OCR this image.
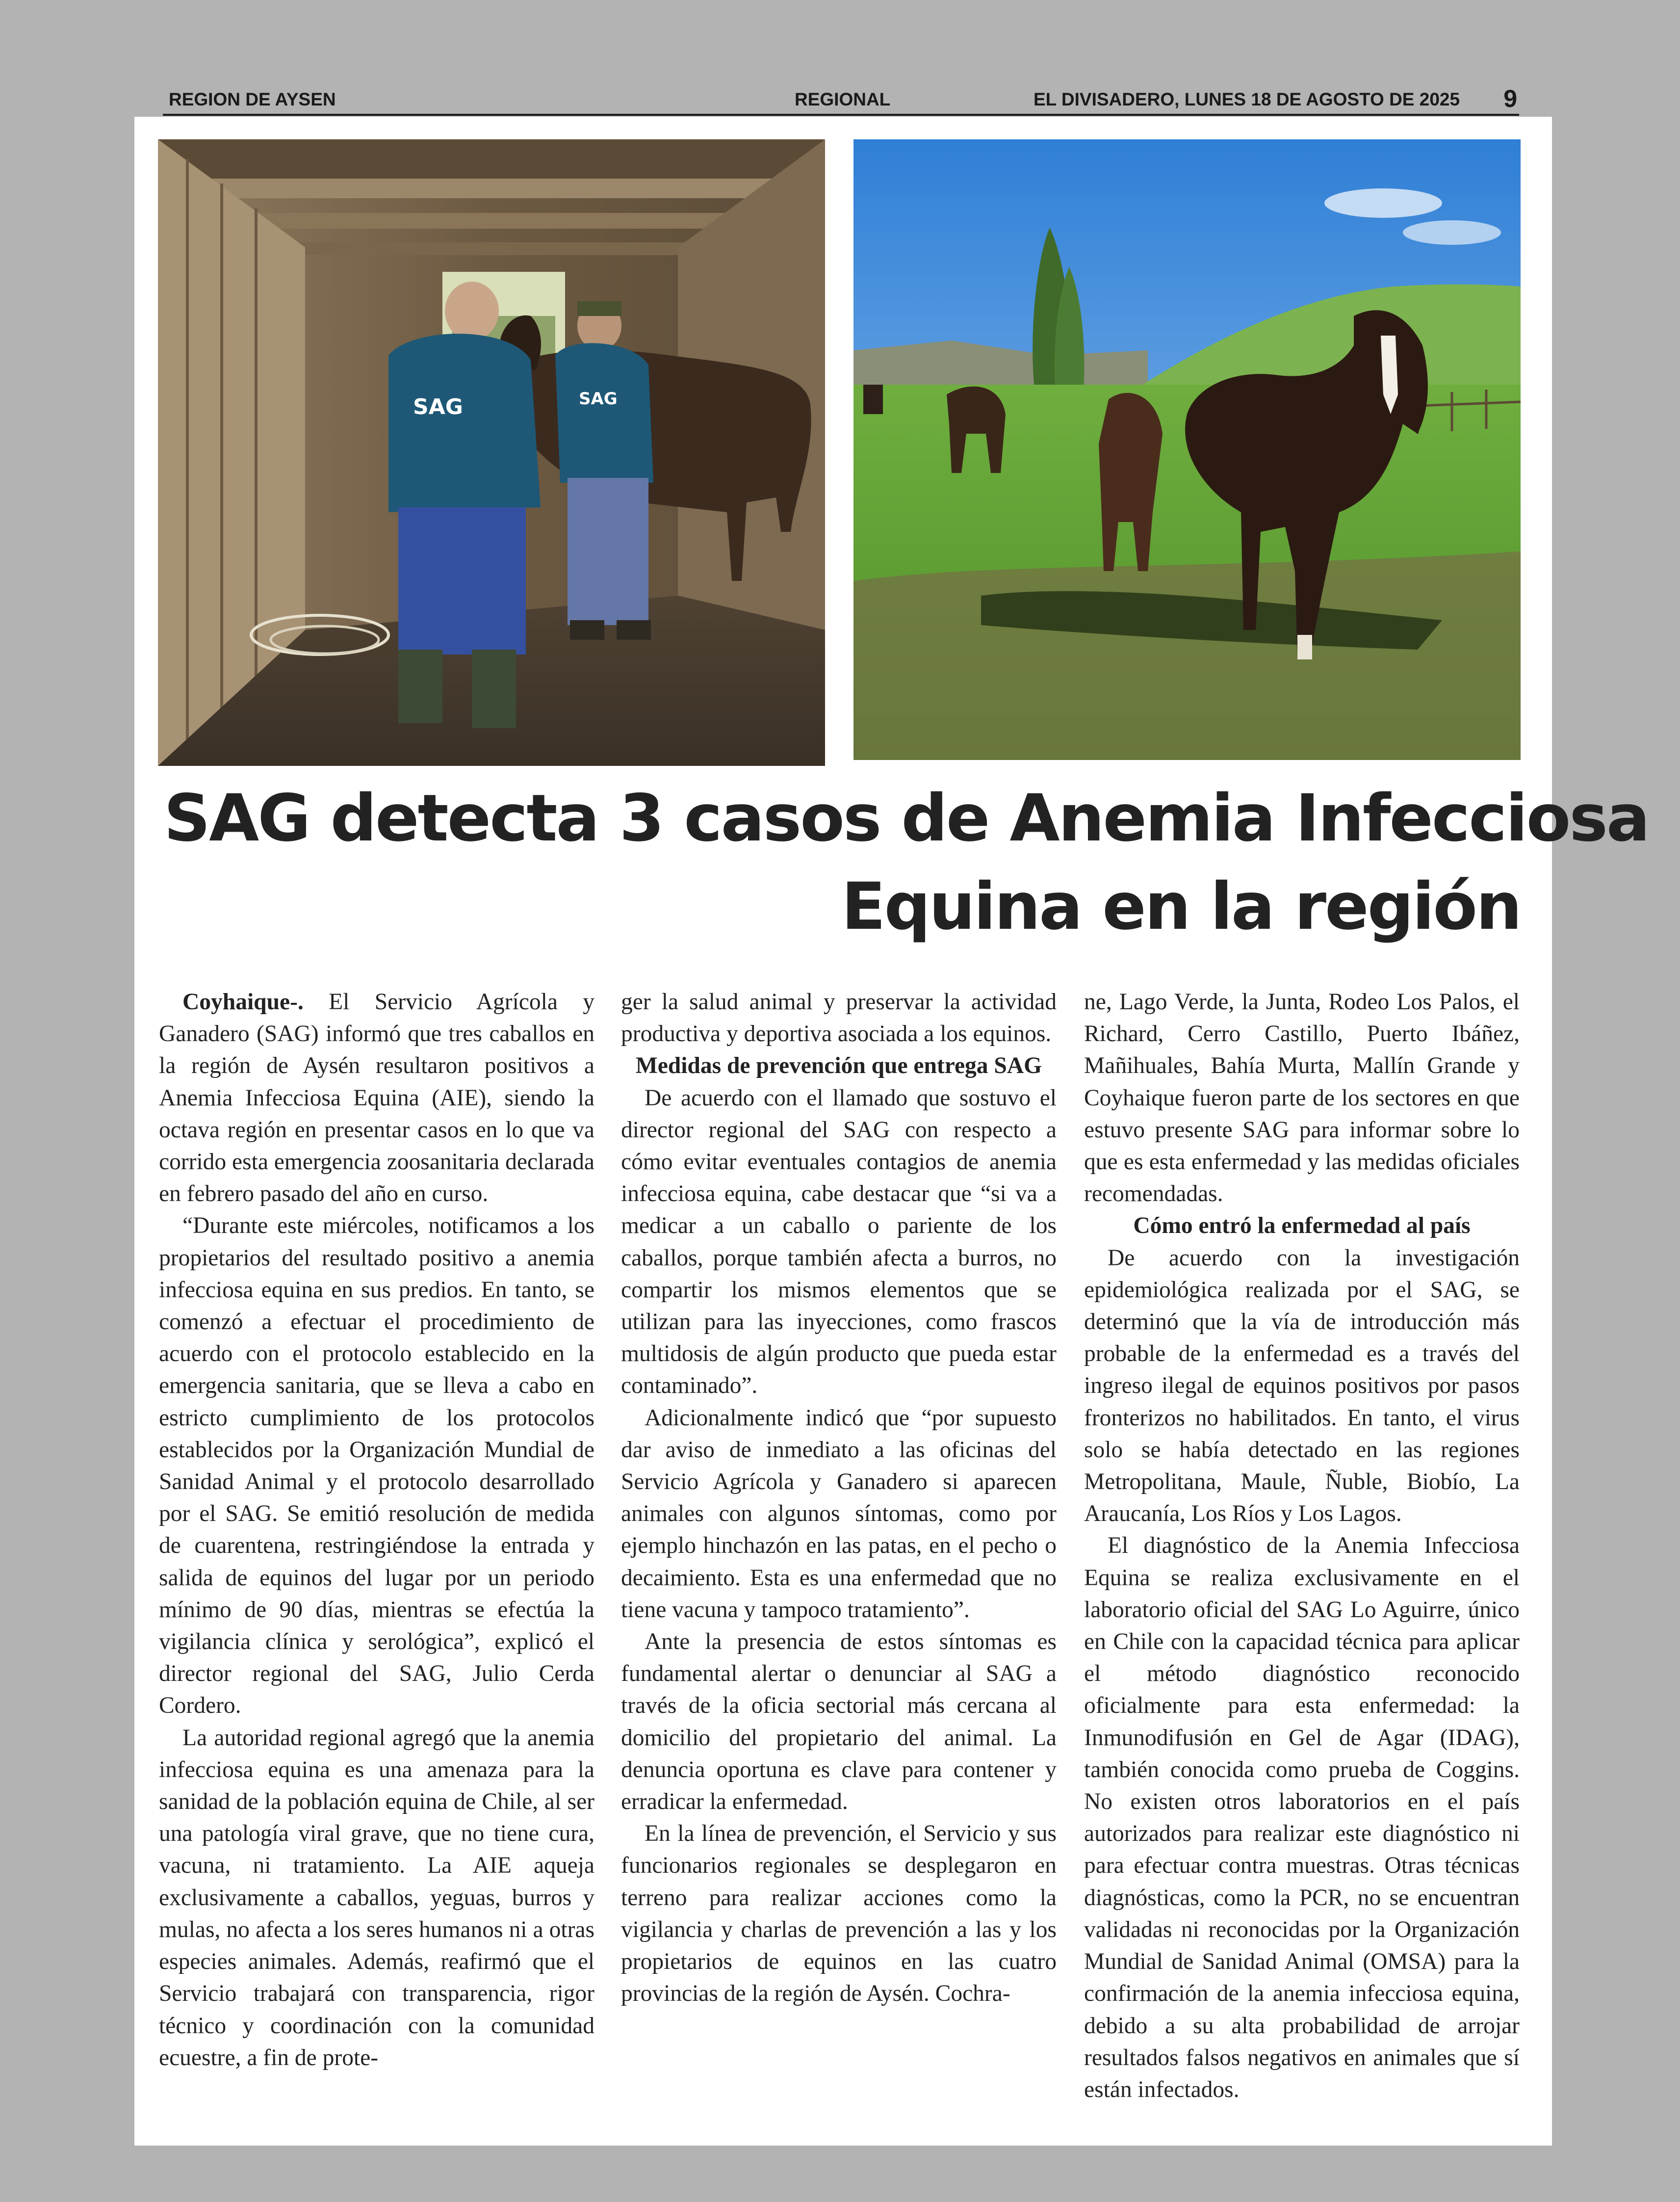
REGION DE AYSEN	REGIONAL	EL DIVISADERO, LUNES 18 DE AGOSTO DE 2025 9
SAG	SAG
SAG detecta 3 casos de Anemia Infecciosa
Equina en la región

Coyhaique-. El Servicio Agrícola y Ganadero (SAG) informó que tres caballos en la región de Aysén resultaron positivos a Anemia Infecciosa Equina (AIE), siendo la octava región en presentar casos en lo que va corrido esta emergencia zoosanitaria declarada en febrero pasado del año en curso.

“Durante este miércoles, notificamos a los propietarios del resultado positivo a anemia infecciosa equina en sus predios. En tanto, se comenzó a efectuar el procedimiento de acuerdo con el protocolo establecido en la emergencia sanitaria, que se lleva a cabo en estricto cumplimiento de los protocolos establecidos por la Organización Mundial de Sanidad Animal y el protocolo desarrollado por el SAG. Se emitió resolución de medida de cuarentena, restringiéndose la entrada y salida de equinos del lugar por un periodo mínimo de 90 días, mientras se efectúa la vigilancia clínica y serológica”, explicó el director regional del SAG, Julio Cerda Cordero.

La autoridad regional agregó que la anemia infecciosa equina es una amenaza para la sanidad de la población equina de Chile, al ser una patología viral grave, que no tiene cura, vacuna, ni tratamiento. La AIE aqueja exclusivamente a caballos, yeguas, burros y mulas, no afecta a los seres humanos ni a otras especies animales. Además, reafirmó que el Servicio trabajará con transparencia, rigor técnico y coordinación con la comunidad ecuestre, a fin de prote-

ger la salud animal y preservar la actividad productiva y deportiva asociada a los equinos.

Medidas de prevención que entrega SAG

De acuerdo con el llamado que sostuvo el director regional del SAG con respecto a cómo evitar eventuales contagios de anemia infecciosa equina, cabe destacar que “si va a medicar a un caballo o pariente de los caballos, porque también afecta a burros, no compartir los mismos elementos que se utilizan para las inyecciones, como frascos multidosis de algún producto que pueda estar contaminado”.

Adicionalmente indicó que “por supuesto dar aviso de inmediato a las oficinas del Servicio Agrícola y Ganadero si aparecen animales con algunos síntomas, como por ejemplo hinchazón en las patas, en el pecho o decaimiento. Esta es una enfermedad que no tiene vacuna y tampoco tratamiento”.

Ante la presencia de estos síntomas es fundamental alertar o denunciar al SAG a través de la oficia sectorial más cercana al domicilio del propietario del animal. La denuncia oportuna es clave para contener y erradicar la enfermedad.

En la línea de prevención, el Servicio y sus funcionarios regionales se desplegaron en terreno para realizar acciones como la vigilancia y charlas de prevención a las y los propietarios de equinos en las cuatro provincias de la región de Aysén. Cochra-

ne, Lago Verde, la Junta, Rodeo Los Palos, el Richard, Cerro Castillo, Puerto Ibáñez, Mañihuales, Bahía Murta, Mallín Grande y Coyhaique fueron parte de los sectores en que estuvo presente SAG para informar sobre lo que es esta enfermedad y las medidas oficiales recomendadas.

Cómo entró la enfermedad al país

De acuerdo con la investigación epidemiológica realizada por el SAG, se determinó que la vía de introducción más probable de la enfermedad es a través del ingreso ilegal de equinos positivos por pasos fronterizos no habilitados. En tanto, el virus solo se había detectado en las regiones Metropolitana, Maule, Ñuble, Biobío, La Araucanía, Los Ríos y Los Lagos.

El diagnóstico de la Anemia Infecciosa Equina se realiza exclusivamente en el laboratorio oficial del SAG Lo Aguirre, único en Chile con la capacidad técnica para aplicar el método diagnóstico reconocido oficialmente para esta enfermedad: la Inmunodifusión en Gel de Agar (IDAG), también conocida como prueba de Coggins. No existen otros laboratorios en el país autorizados para realizar este diagnóstico ni para efectuar contra muestras. Otras técnicas diagnósticas, como la PCR, no se encuentran validadas ni reconocidas por la Organización Mundial de Sanidad Animal (OMSA) para la confirmación de la anemia infecciosa equina, debido a su alta probabilidad de arrojar resultados falsos negativos en animales que sí están infectados.
